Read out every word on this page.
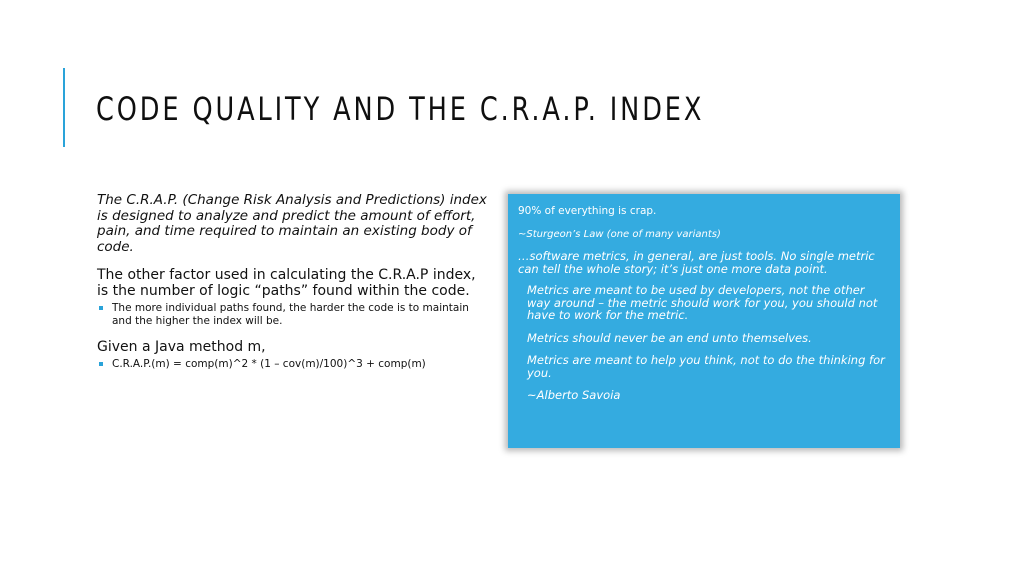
CODE QUALITY AND THE C.R.A.P. INDEX

The C.R.A.P. (Change Risk Analysis and Predictions) index is designed to analyze and predict the amount of effort, pain, and time required to maintain an existing body of code.

The other factor used in calculating the C.R.A.P index, is the number of logic “paths” found within the code.

The more individual paths found, the harder the code is to maintain and the higher the index will be.

Given a Java method m,

C.R.A.P.(m) = comp(m)^2 * (1 – cov(m)/100)^3 + comp(m)

90% of everything is crap.

~Sturgeon’s Law (one of many variants)

…software metrics, in general, are just tools. No single metric can tell the whole story; it’s just one more data point.

Metrics are meant to be used by developers, not the other way around – the metric should work for you, you should not have to work for the metric.

Metrics should never be an end unto themselves.

Metrics are meant to help you think, not to do the thinking for you.

~Alberto Savoia
